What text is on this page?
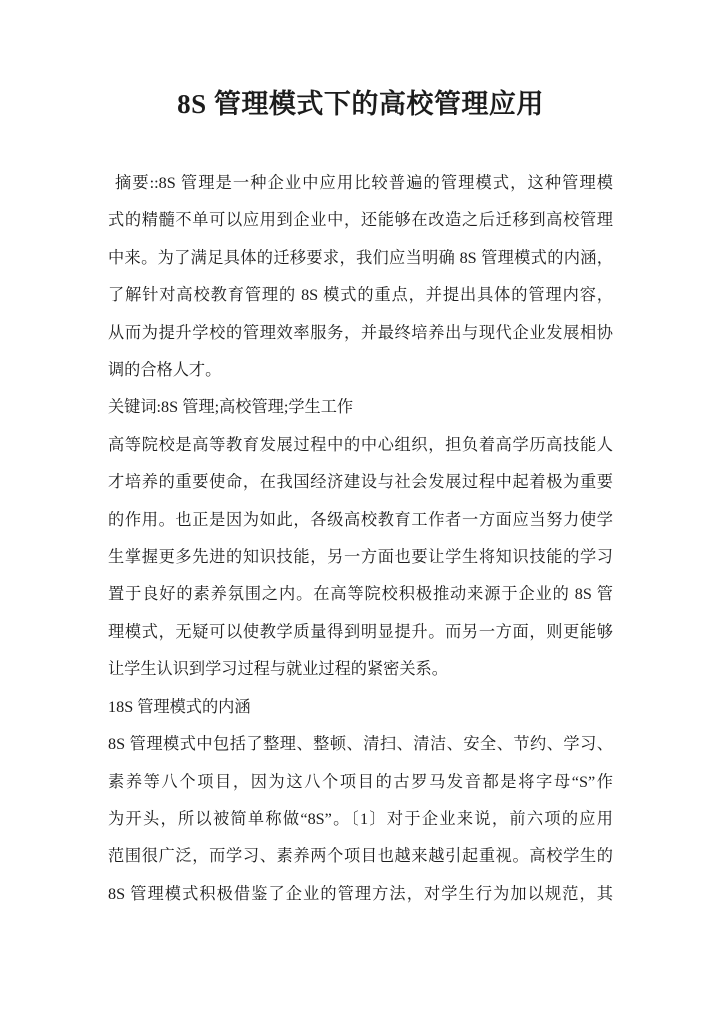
8S 管理模式下的高校管理应用
摘要::8S 管理是一种企业中应用比较普遍的管理模式，这种管理模
式的精髓不单可以应用到企业中，还能够在改造之后迁移到高校管理
中来。为了满足具体的迁移要求，我们应当明确 8S 管理模式的内涵，
了解针对高校教育管理的 8S 模式的重点，并提出具体的管理内容，
从而为提升学校的管理效率服务，并最终培养出与现代企业发展相协
调的合格人才。
关键词:8S 管理;高校管理;学生工作
高等院校是高等教育发展过程中的中心组织，担负着高学历高技能人
才培养的重要使命，在我国经济建设与社会发展过程中起着极为重要
的作用。也正是因为如此，各级高校教育工作者一方面应当努力使学
生掌握更多先进的知识技能，另一方面也要让学生将知识技能的学习
置于良好的素养氛围之内。在高等院校积极推动来源于企业的 8S 管
理模式，无疑可以使教学质量得到明显提升。而另一方面，则更能够
让学生认识到学习过程与就业过程的紧密关系。
18S 管理模式的内涵
8S 管理模式中包括了整理、整顿、清扫、清洁、安全、节约、学习、
素养等八个项目，因为这八个项目的古罗马发音都是将字母“S”作
为开头，所以被简单称做“8S”。〔1〕对于企业来说，前六项的应用
范围很广泛，而学习、素养两个项目也越来越引起重视。高校学生的
8S 管理模式积极借鉴了企业的管理方法，对学生行为加以规范，其
